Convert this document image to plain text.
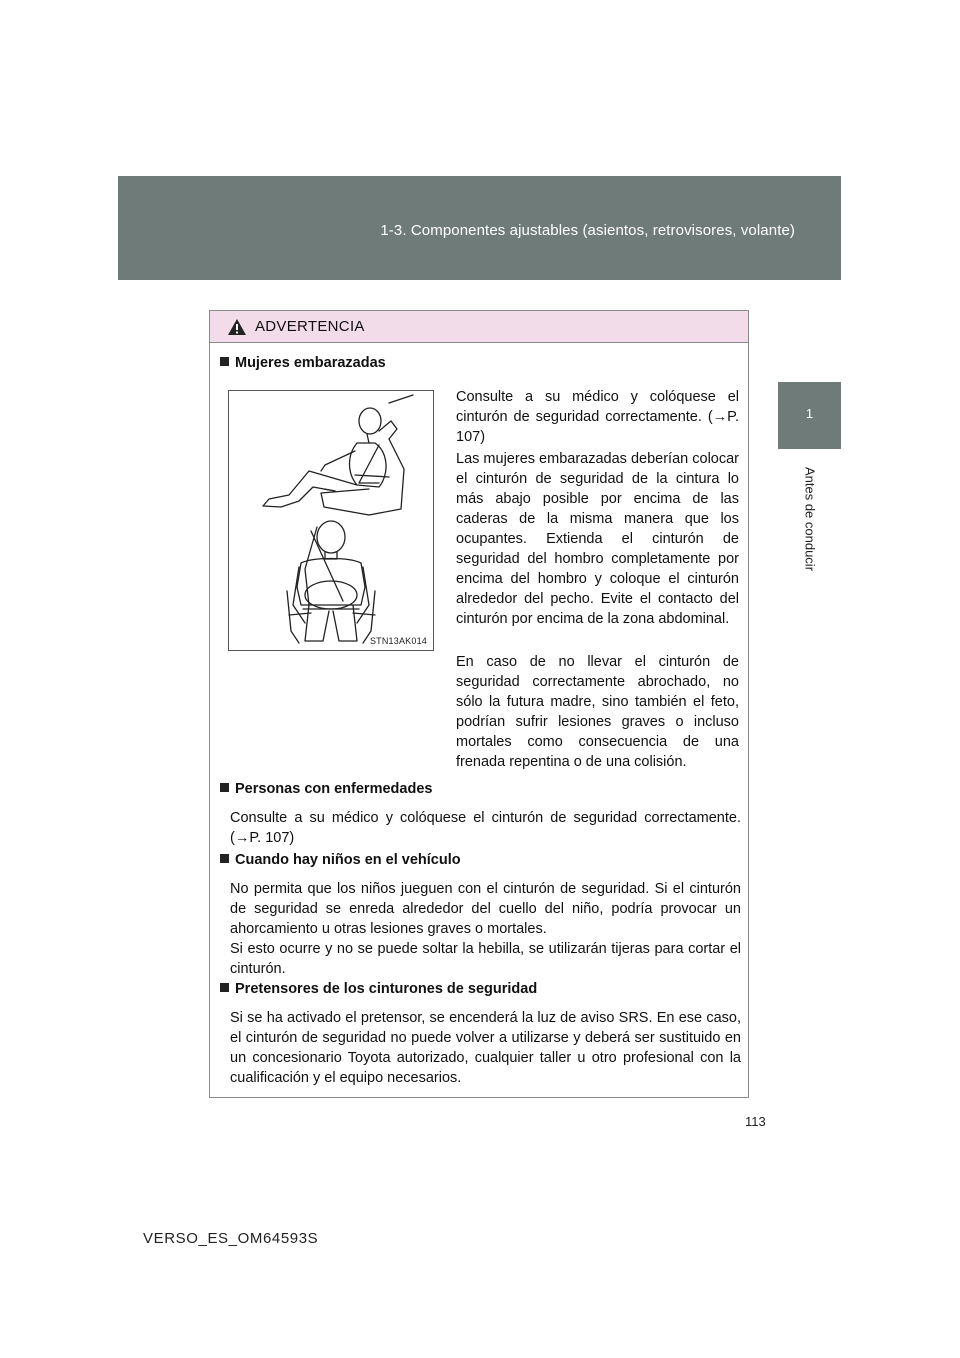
1-3. Componentes ajustables (asientos, retrovisores, volante)
1
Antes de conducir
ADVERTENCIA
Mujeres embarazadas
STN13AK014
Consulte a su médico y colóquese el cinturón de seguridad correctamente. (→P. 107)
Las mujeres embarazadas deberían colocar el cinturón de seguridad de la cintura lo más abajo posible por encima de las caderas de la misma manera que los ocupantes. Extienda el cinturón de seguridad del hombro completamente por encima del hombro y coloque el cinturón alrededor del pecho. Evite el contacto del cinturón por encima de la zona abdominal.
En caso de no llevar el cinturón de seguridad correctamente abrochado, no sólo la futura madre, sino también el feto, podrían sufrir lesiones graves o incluso mortales como consecuencia de una frenada repentina o de una colisión.
Personas con enfermedades
Consulte a su médico y colóquese el cinturón de seguridad correctamente. (→P. 107)
Cuando hay niños en el vehículo
No permita que los niños jueguen con el cinturón de seguridad. Si el cinturón de seguridad se enreda alrededor del cuello del niño, podría provocar un ahorcamiento u otras lesiones graves o mortales.
Si esto ocurre y no se puede soltar la hebilla, se utilizarán tijeras para cortar el cinturón.
Pretensores de los cinturones de seguridad
Si se ha activado el pretensor, se encenderá la luz de aviso SRS. En ese caso, el cinturón de seguridad no puede volver a utilizarse y deberá ser sustituido en un concesionario Toyota autorizado, cualquier taller u otro profesional con la cualificación y el equipo necesarios.
113
VERSO_ES_OM64593S
